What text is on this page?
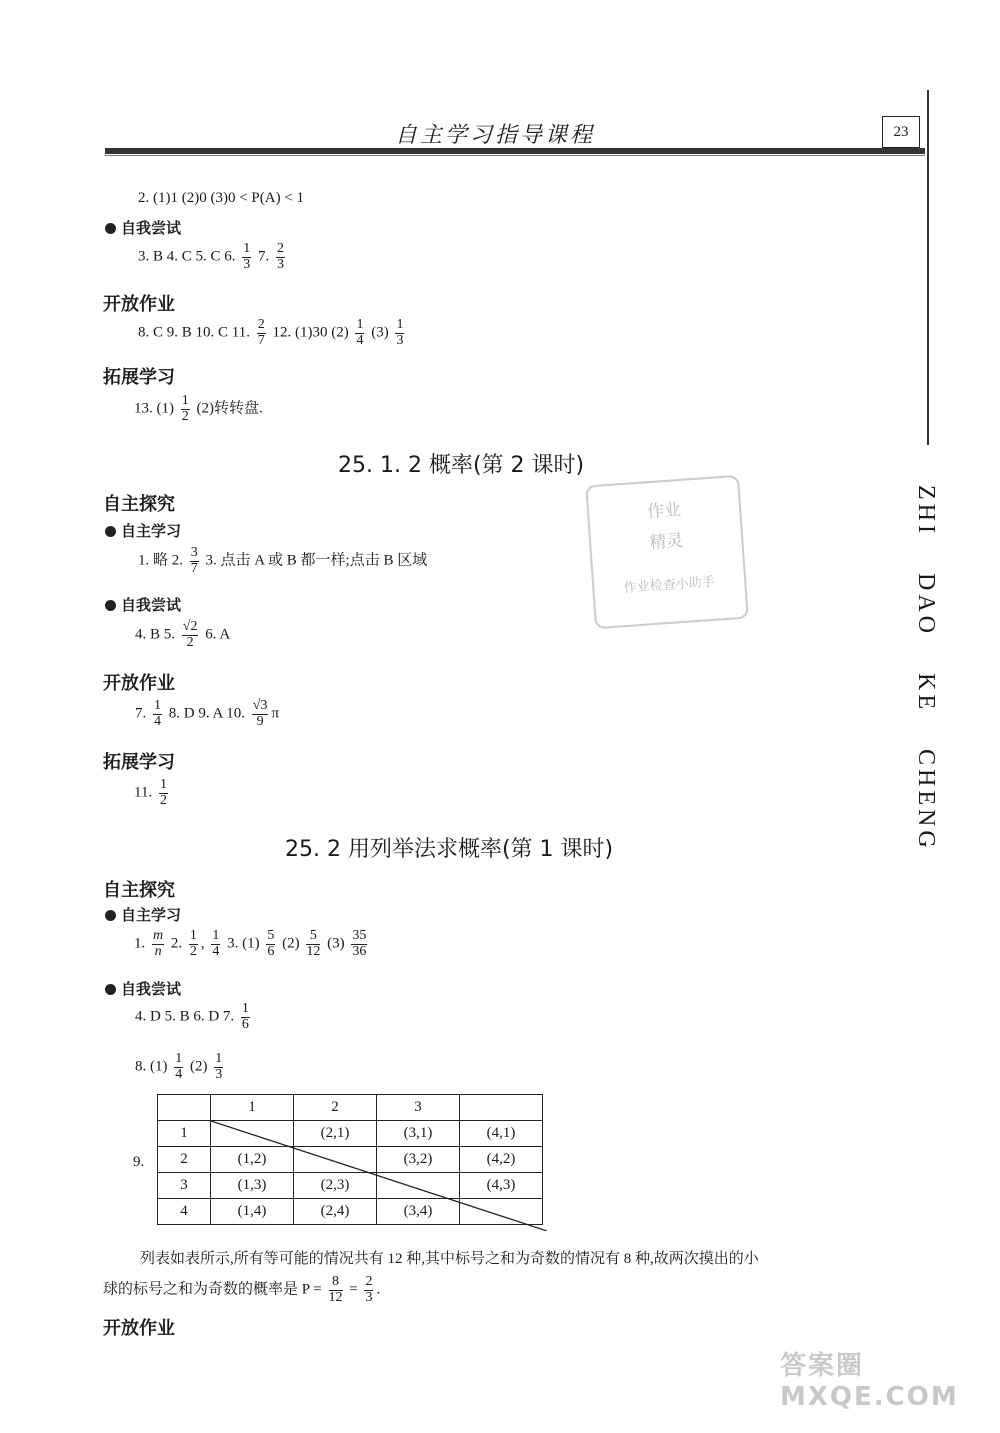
自主学习指导课程	23
ZHI DAO KE CHENG
2. (1)1 (2)0 (3)0 < P(A) < 1
自我尝试
3. B 4. C 5. C 6. $\frac{1}{3} 7$. $\frac{2}{3}$
开放作业
8. C 9. B 10. C 11. $\frac{2}{7} 12$. (1)30 $(2) \frac{1}{4} (3) \frac{1}{3}$
拓展学习
13. $(1) \frac{1}{2} (2)$转转盘.
25. 1. 2 概率(第 2 课时)
自主探究
自主学习
1. 略 2. $\frac{3}{7} 3$. 点击 A 或 B 都一样;点击 B 区域
自我尝试
4. B 5. $\frac{√2}{2} 6$. A
开放作业
7. $\frac{1}{4} 8$. D 9. A 10. $\frac{√3}{9}$ π
拓展学习
11. $\frac{1}{2}$
25. 2 用列举法求概率(第 1 课时)
自主探究
自主学习
1. $\frac{m}{n} 2$. $\frac{1}{2}$ , $\frac{1}{4} 3$. $(1) \frac{5}{6} (2) \frac{5}{12} (3) \frac{35}{36}$
自我尝试
4. D 5. B 6. D 7. $\frac{1}{6}$
8. $(1) \frac{1}{4} (2) \frac{1}{3}$
9.
	1	2	3	
1		(2,1)	(3,1)	(4,1)
2	(1,2)		(3,2)	(4,2)
3	(1,3)	(2,3)		(4,3)
4	(1,4)	(2,4)	(3,4)	
列表如表所示,所有等可能的情况共有 12 种,其中标号之和为奇数的情况有 8 种,故两次摸出的小
球的标号之和为奇数的概率是 $P = \frac{8}{12} = \frac{2}{3}$ .
开放作业
作业
精灵
作业检查小助手
答案圈 MXQE.COM
